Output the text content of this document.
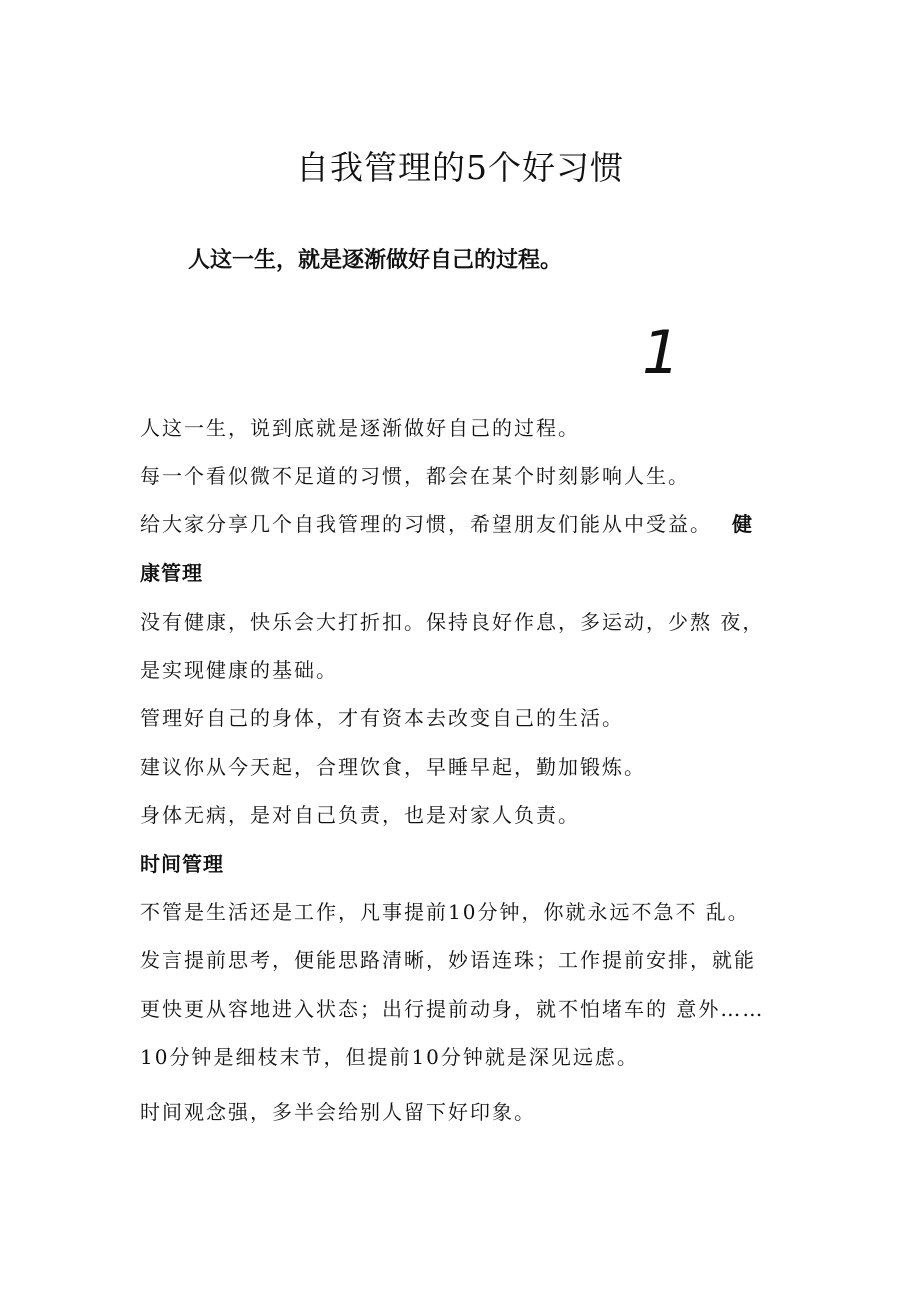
自我管理的5个好习惯

人这一生，就是逐渐做好自己的过程。

1

人这一生，说到底就是逐渐做好自己的过程。

每一个看似微不足道的习惯，都会在某个时刻影响人生。

给大家分享几个自我管理的习惯，希望朋友们能从中受益。 健

康管理

没有健康，快乐会大打折扣。保持良好作息，多运动，少熬 夜，

是实现健康的基础。

管理好自己的身体，才有资本去改变自己的生活。

建议你从今天起，合理饮食，早睡早起，勤加锻炼。

身体无病，是对自己负责，也是对家人负责。

时间管理

不管是生活还是工作，凡事提前10分钟，你就永远不急不 乱。

发言提前思考，便能思路清晰，妙语连珠；工作提前安排，就能

更快更从容地进入状态；出行提前动身，就不怕堵车的 意外……

10分钟是细枝末节，但提前10分钟就是深见远虑。

时间观念强，多半会给别人留下好印象。
